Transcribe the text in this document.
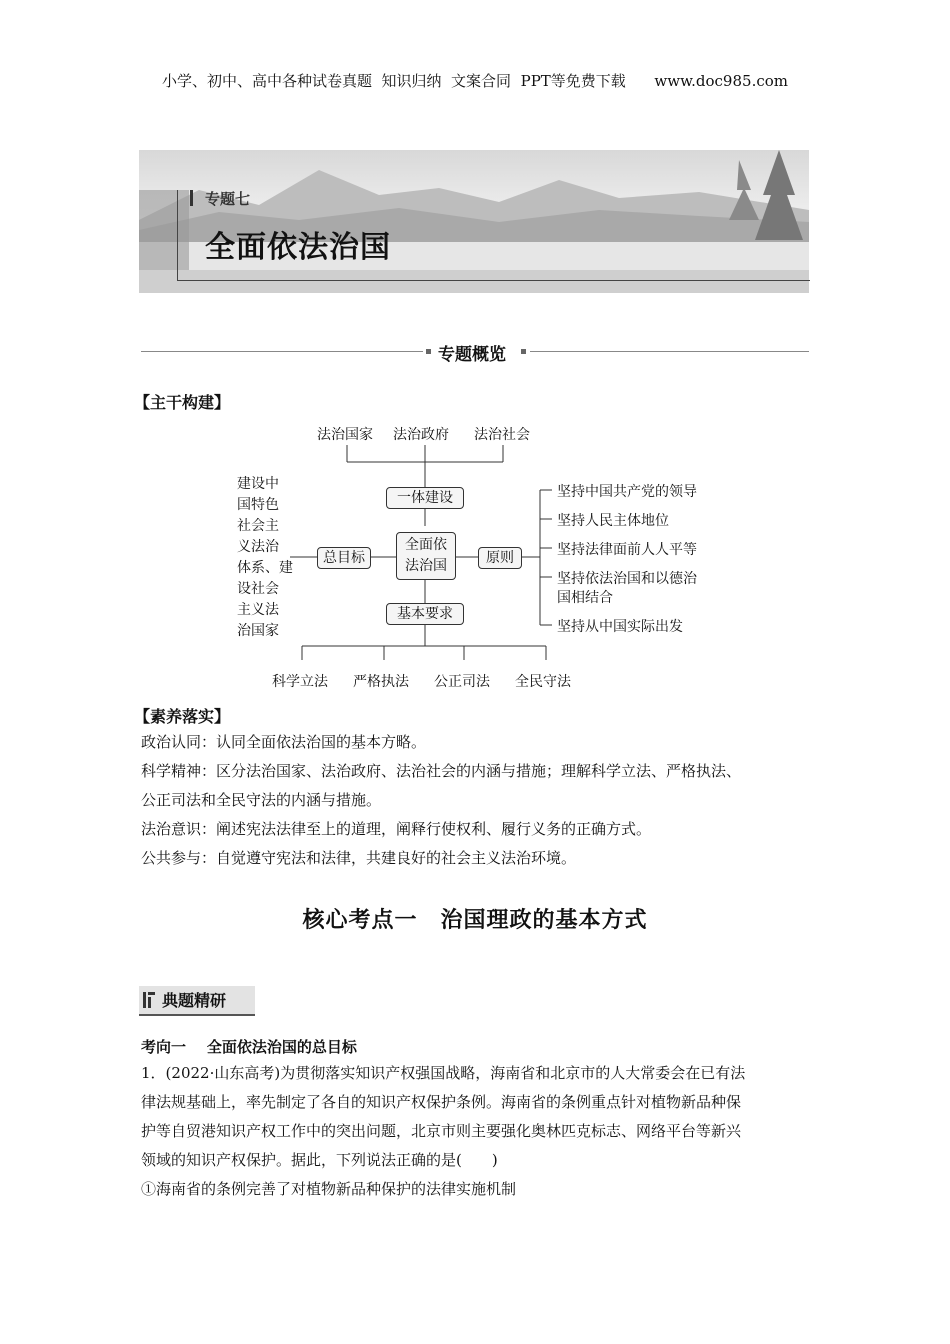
小学、初中、高中各种试卷真题  知识归纳  文案合同  PPT等免费下载      www.doc985.com
专题七
全面依法治国
专题概览
【主干构建】
法治国家 法治政府 法治社会
一体建设
全面依
法治国
总目标	原则
基本要求
建设中
国特色
社会主
义法治
体系、建
设社会
主义法
治国家
坚持中国共产党的领导
坚持人民主体地位
坚持法律面前人人平等
坚持依法治国和以德治
国相结合
坚持从中国实际出发
科学立法 严格执法 公正司法 全民守法
【素养落实】
政治认同：认同全面依法治国的基本方略。
科学精神：区分法治国家、法治政府、法治社会的内涵与措施；理解科学立法、严格执法、
公正司法和全民守法的内涵与措施。
法治意识：阐述宪法法律至上的道理，阐释行使权利、履行义务的正确方式。
公共参与：自觉遵守宪法和法律，共建良好的社会主义法治环境。
核心考点一　治国理政的基本方式
典题精研
考向一    全面依法治国的总目标
1．(2022·山东高考)为贯彻落实知识产权强国战略，海南省和北京市的人大常委会在已有法
律法规基础上，率先制定了各自的知识产权保护条例。海南省的条例重点针对植物新品种保
护等自贸港知识产权工作中的突出问题，北京市则主要强化奥林匹克标志、网络平台等新兴
领域的知识产权保护。据此，下列说法正确的是(　　)
①海南省的条例完善了对植物新品种保护的法律实施机制
